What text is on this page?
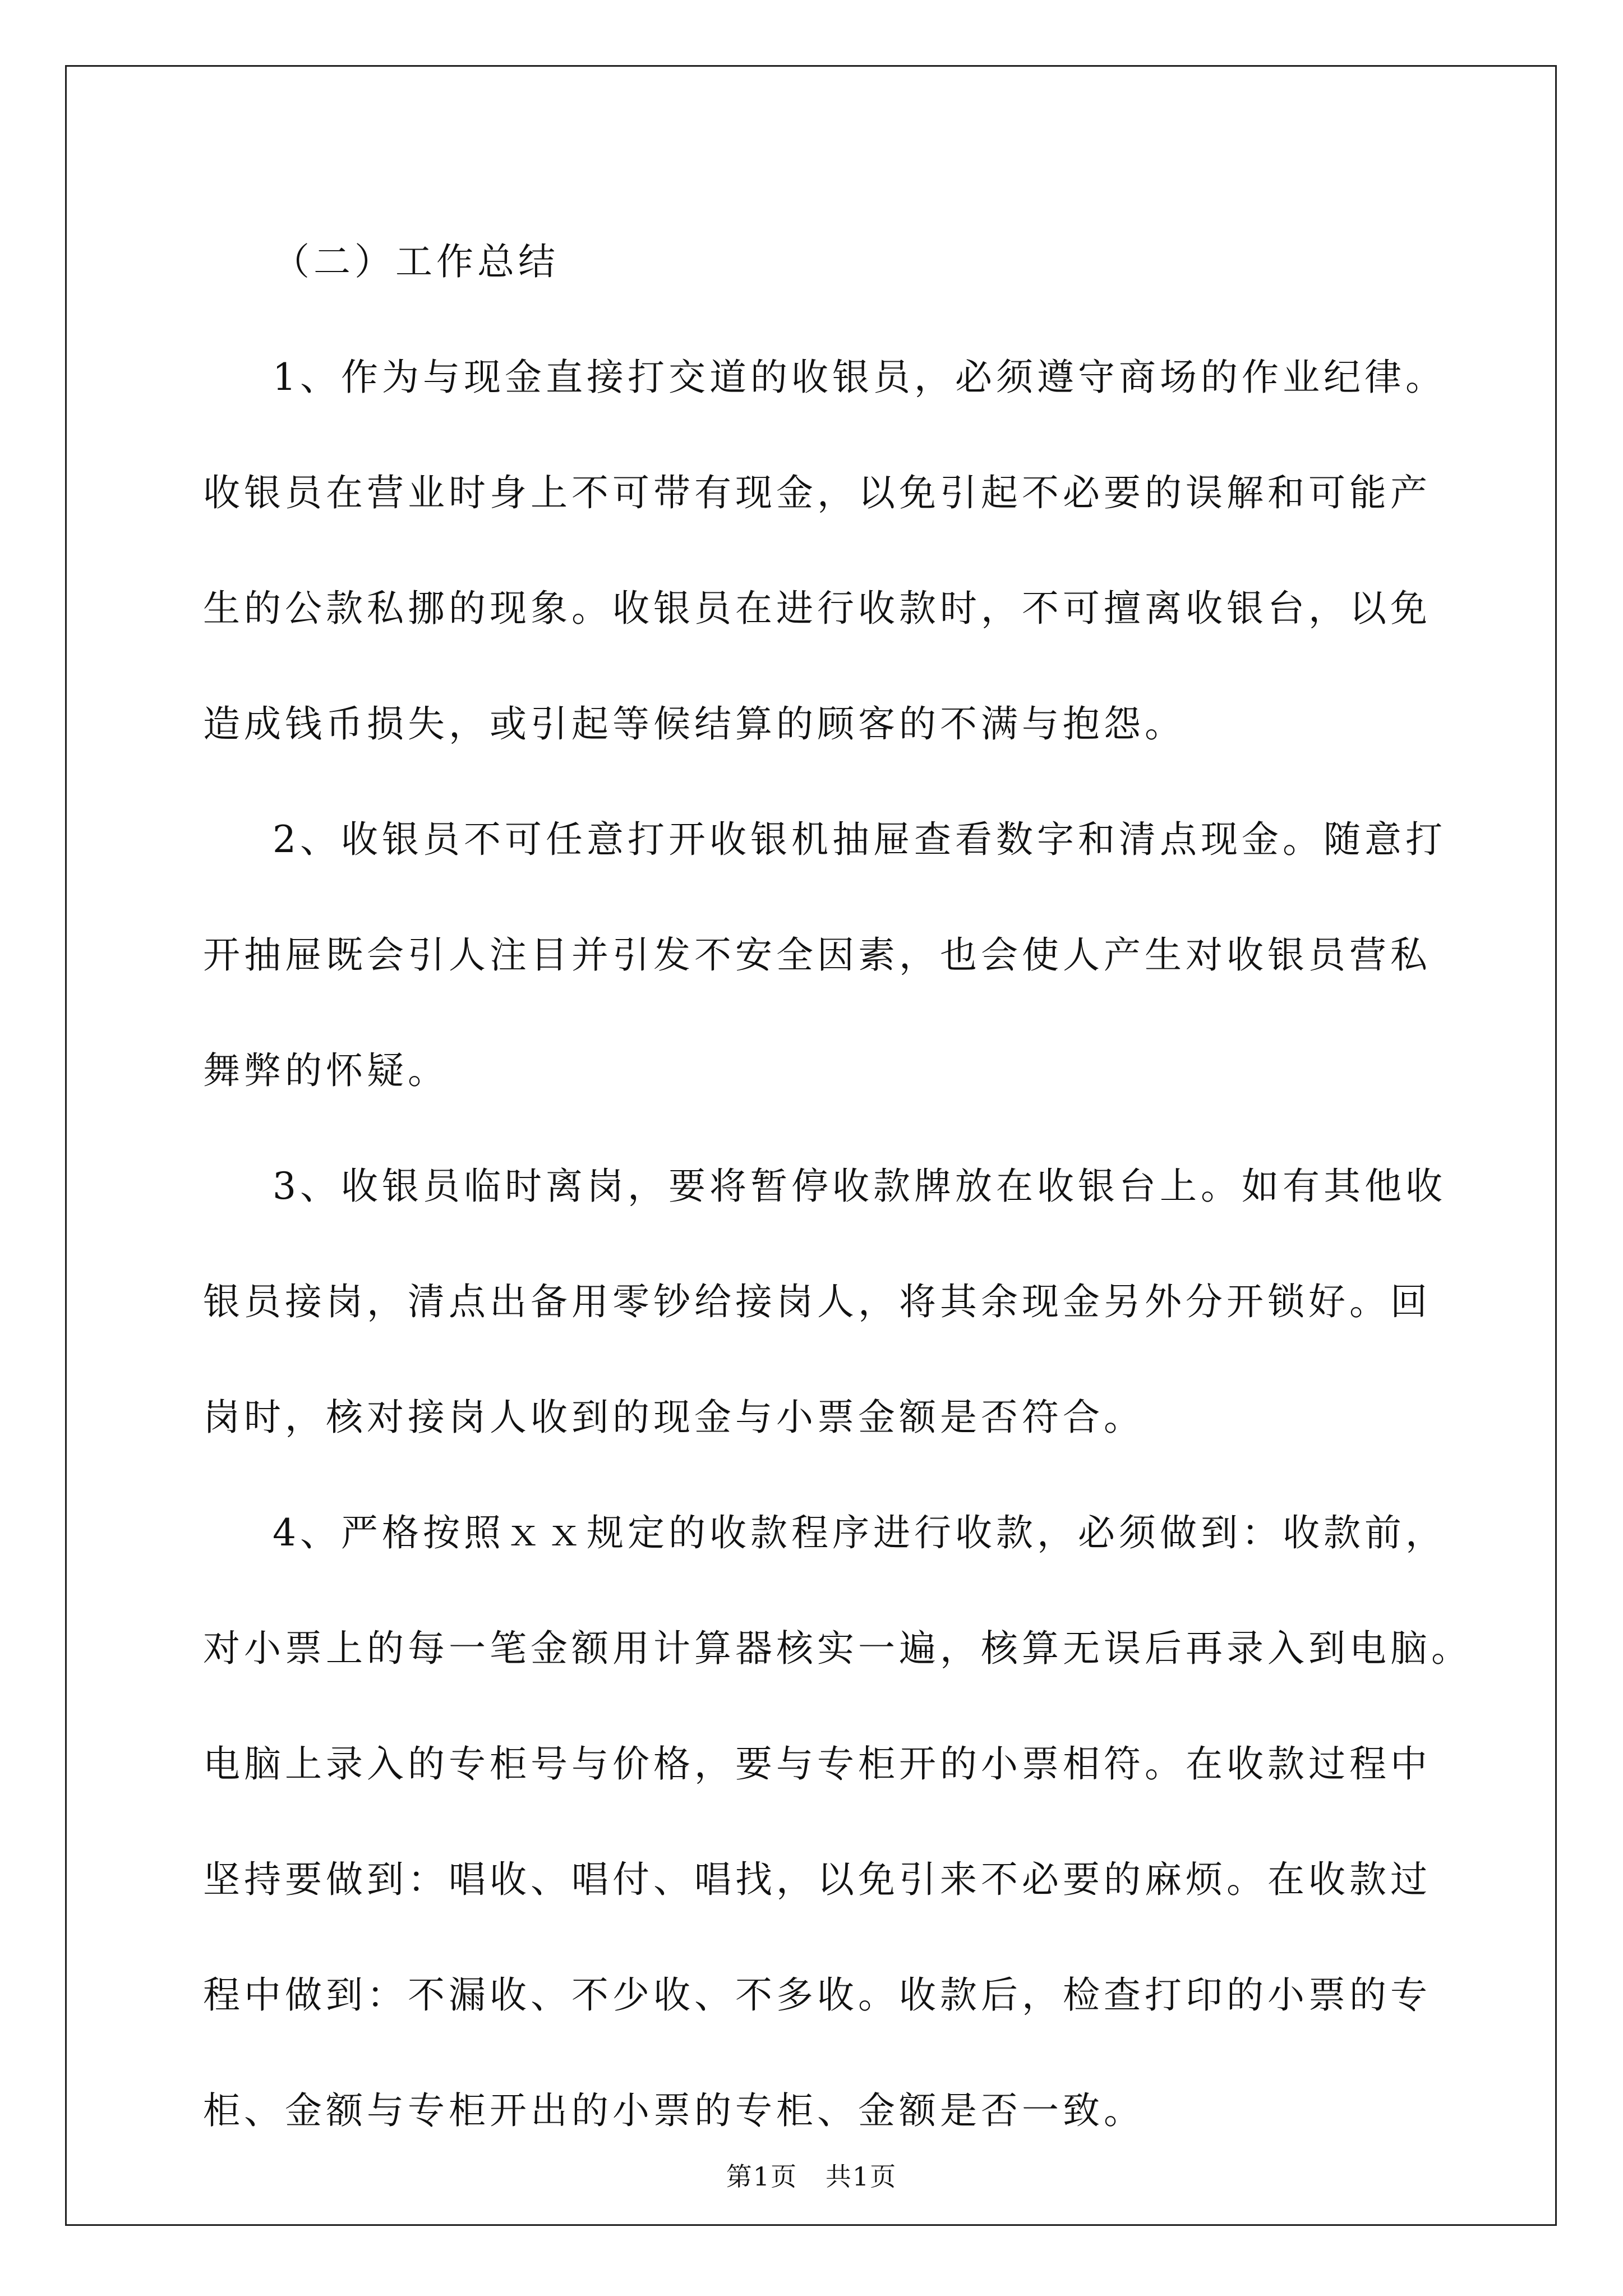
（二）工作总结
1、作为与现金直接打交道的收银员，必须遵守商场的作业纪律。
收银员在营业时身上不可带有现金，以免引起不必要的误解和可能产
生的公款私挪的现象。收银员在进行收款时，不可擅离收银台，以免
造成钱币损失，或引起等候结算的顾客的不满与抱怨。
2、收银员不可任意打开收银机抽屉查看数字和清点现金。随意打
开抽屉既会引人注目并引发不安全因素，也会使人产生对收银员营私
舞弊的怀疑。
3、收银员临时离岗，要将暂停收款牌放在收银台上。如有其他收
银员接岗，清点出备用零钞给接岗人，将其余现金另外分开锁好。回
岗时，核对接岗人收到的现金与小票金额是否符合。
4、严格按照ｘｘ规定的收款程序进行收款，必须做到：收款前，
对小票上的每一笔金额用计算器核实一遍，核算无误后再录入到电脑。
电脑上录入的专柜号与价格，要与专柜开的小票相符。在收款过程中
坚持要做到：唱收、唱付、唱找，以免引来不必要的麻烦。在收款过
程中做到：不漏收、不少收、不多收。收款后，检查打印的小票的专
柜、金额与专柜开出的小票的专柜、金额是否一致。
第1页   共1页
